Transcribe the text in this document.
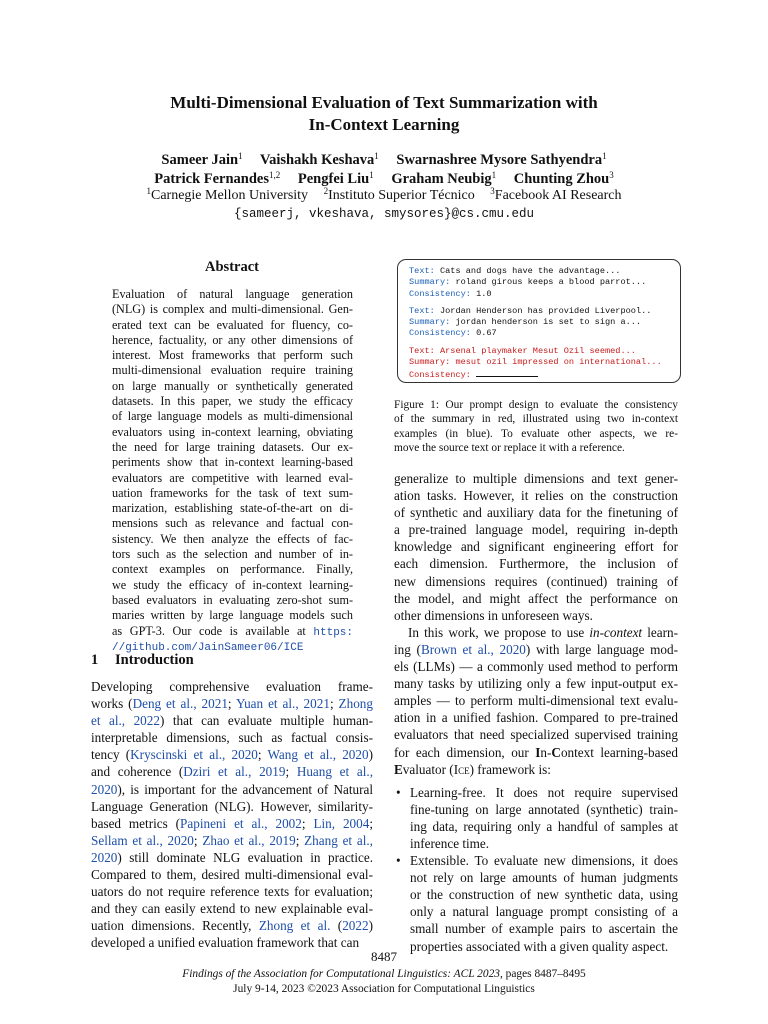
Multi-Dimensional Evaluation of Text Summarization with
In-Context Learning
Sameer Jain$^1$ Vaishakh Keshava$^1$ Swarnashree Mysore Sathyendra$^1$
Patrick Fernandes$^{1,2}$ Pengfei Liu$^1$ Graham Neubig$^1$ Chunting Zhou$^3$
$^1$Carnegie Mellon University $^2$Instituto Superior Técnico $^3$Facebook AI Research
{sameerj, vkeshava, smysores}@cs.cmu.edu
Abstract
Evaluation of natural language generation
(NLG) is complex and multi-dimensional. Gen-
erated text can be evaluated for fluency, co-
herence, factuality, or any other dimensions of
interest. Most frameworks that perform such
multi-dimensional evaluation require training
on large manually or synthetically generated
datasets. In this paper, we study the efficacy
of large language models as multi-dimensional
evaluators using in-context learning, obviating
the need for large training datasets. Our ex-
periments show that in-context learning-based
evaluators are competitive with learned eval-
uation frameworks for the task of text sum-
marization, establishing state-of-the-art on di-
mensions such as relevance and factual con-
sistency. We then analyze the effects of fac-
tors such as the selection and number of in-
context examples on performance. Finally,
we study the efficacy of in-context learning-
based evaluators in evaluating zero-shot sum-
maries written by large language models such
as GPT-3. Our code is available at https:
//github.com/JainSameer06/ICE
Text: Cats and dogs have the advantage...
Summary: roland girous keeps a blood parrot...
Consistency: 1.0
Text: Jordan Henderson has provided Liverpool..
Summary: jordan henderson is set to sign a...
Consistency: 0.67
Text: Arsenal playmaker Mesut Ozil seemed...
Summary: mesut ozil impressed on international...
Consistency:
Figure 1: Our prompt design to evaluate the consistency
of the summary in red, illustrated using two in-context
examples (in blue). To evaluate other aspects, we re-
move the source text or replace it with a reference.
1 Introduction
Developing comprehensive evaluation frame-
works (Deng et al., 2021; Yuan et al., 2021; Zhong
et al., 2022) that can evaluate multiple human-
interpretable dimensions, such as factual consis-
tency (Kryscinski et al., 2020; Wang et al., 2020)
and coherence (Dziri et al., 2019; Huang et al.,
2020), is important for the advancement of Natural
Language Generation (NLG). However, similarity-
based metrics (Papineni et al., 2002; Lin, 2004;
Sellam et al., 2020; Zhao et al., 2019; Zhang et al.,
2020) still dominate NLG evaluation in practice.
Compared to them, desired multi-dimensional eval-
uators do not require reference texts for evaluation;
and they can easily extend to new explainable eval-
uation dimensions. Recently, Zhong et al. (2022)
developed a unified evaluation framework that can
generalize to multiple dimensions and text gener-
ation tasks. However, it relies on the construction
of synthetic and auxiliary data for the finetuning of
a pre-trained language model, requiring in-depth
knowledge and significant engineering effort for
each dimension. Furthermore, the inclusion of
new dimensions requires (continued) training of
the model, and might affect the performance on
other dimensions in unforeseen ways.
In this work, we propose to use in-context learn-
ing (Brown et al., 2020) with large language mod-
els (LLMs) — a commonly used method to perform
many tasks by utilizing only a few input-output ex-
amples — to perform multi-dimensional text evalu-
ation in a unified fashion. Compared to pre-trained
evaluators that need specialized supervised training
for each dimension, our In-Context learning-based
Evaluator (Ice) framework is:
• Learning-free. It does not require supervised
fine-tuning on large annotated (synthetic) train-
ing data, requiring only a handful of samples at
inference time.
• Extensible. To evaluate new dimensions, it does
not rely on large amounts of human judgments
or the construction of new synthetic data, using
only a natural language prompt consisting of a
small number of example pairs to ascertain the
properties associated with a given quality aspect.
8487
Findings of the Association for Computational Linguistics: ACL 2023, pages 8487–8495
July 9-14, 2023 ©2023 Association for Computational Linguistics
